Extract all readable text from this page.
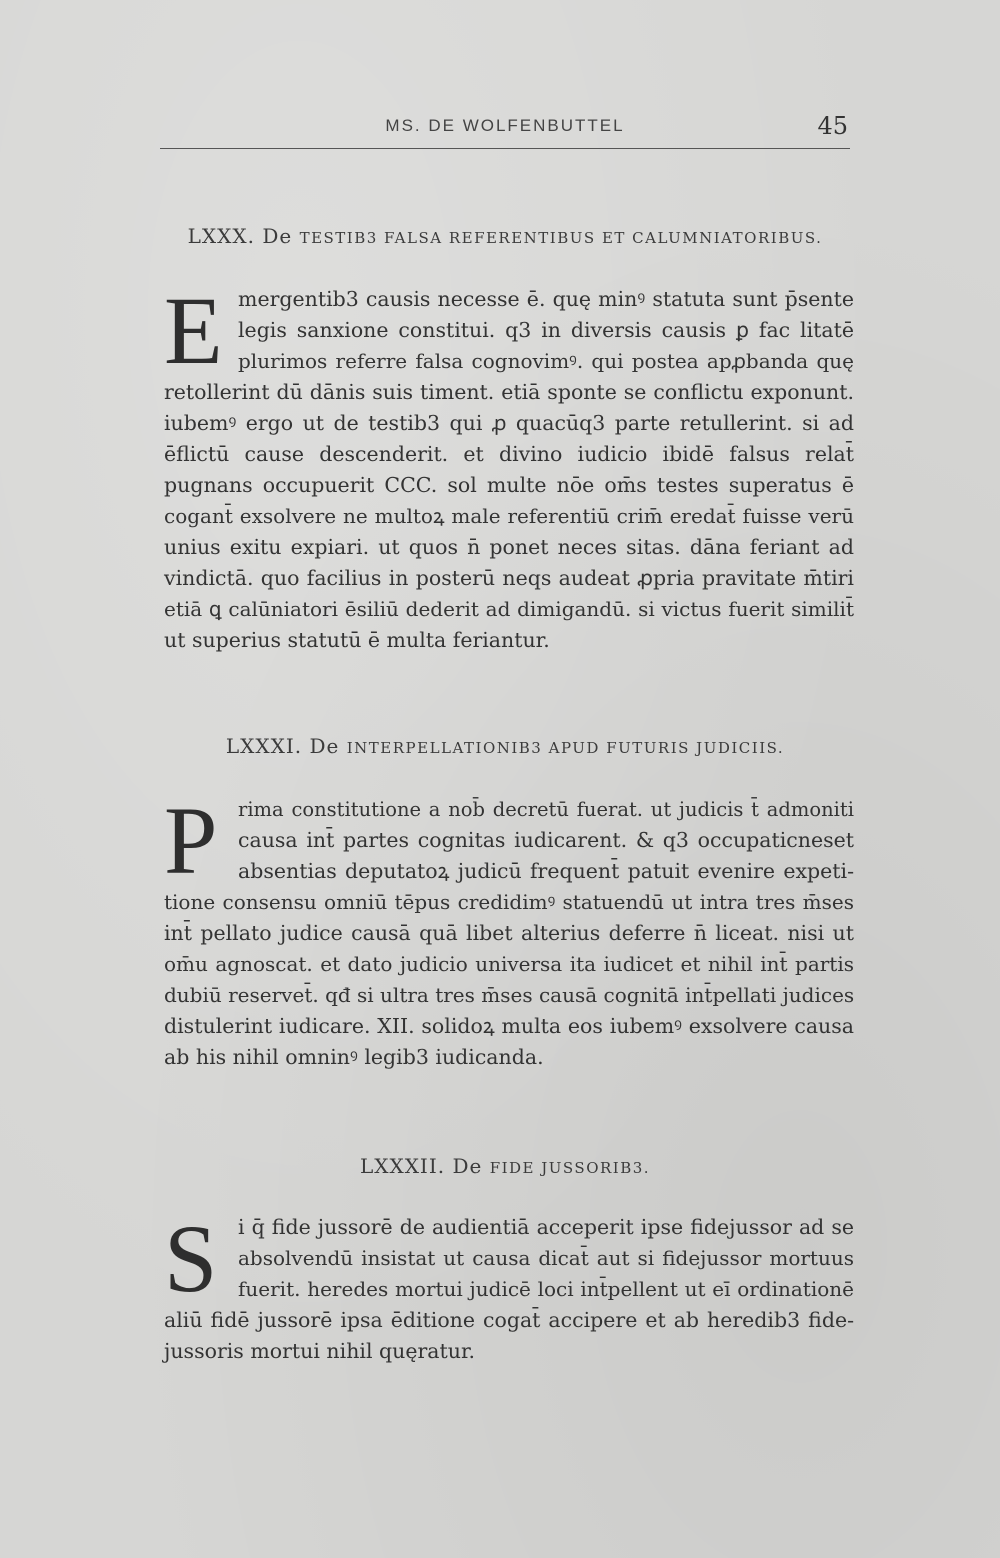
MS. DE WOLFENBUTTEL	45
LXXX. De TESTIB3 FALSA REFERENTIBUS ET CALUMNIATORIBUS.
E mergentib3 causis necesse ē. quę minꝰ statuta sunt p̄sente
legis sanxione constitui. q3 in diversis causis ꝑ fac litatē
plurimos referre falsa cognovimꝰ. qui postea apꝓbanda quę
retollerint dū dānis suis timent. etiā sponte se conflictu exponunt.
iubemꝰ ergo ut de testib3 qui ꝓ quacūq3 parte retullerint. si ad
ēflictū cause descenderit. et divino iudicio ibidē falsus relat̄
pugnans occupuerit CCC. sol multe nōe om̄s testes superatus ē
cogant̄ exsolvere ne multoꝝ male referentiū crim̄ eredat̄ fuisse verū
unius exitu expiari. ut quos n̄ ponet neces sitas. dāna feriant ad
vindictā. quo facilius in posterū neqs audeat ꝓpria pravitate m̄tiri
etiā ꝗ calūniatori ēsiliū dederit ad dimigandū. si victus fuerit similit̄
ut superius statutū ē multa feriantur.
LXXXI. De INTERPELLATIONIB3 APUD FUTURIS JUDICIIS.
P	rima constitutione a nob̄ decretū fuerat. ut judicis t̄ admoniti
causa int̄ partes cognitas iudicarent. & q3 occupaticneset
absentias deputatoꝝ judicū frequent̄ patuit evenire expeti-
tione consensu omniū tēpus credidimꝰ statuendū ut intra tres m̄ses
int̄ pellato judice causā quā libet alterius deferre n̄ liceat. nisi ut
om̄u agnoscat. et dato judicio universa ita iudicet et nihil int̄ partis
dubiū reservet̄. qđ si ultra tres m̄ses causā cognitā int̄pellati judices
distulerint iudicare. XII. solidoꝝ multa eos iubemꝰ exsolvere causa
ab his nihil omninꝰ legib3 iudicanda.
LXXXII. De FIDE JUSSORIB3.
S	i q̄ fide jussorē de audientiā acceperit ipse fidejussor ad se
absolvendū insistat ut causa dicat̄ aut si fidejussor mortuus
fuerit. heredes mortui judicē loci int̄pellent ut eī ordinationē
aliū fidē jussorē ipsa ēditione cogat̄ accipere et ab heredib3 fide-
jussoris mortui nihil quęratur.
